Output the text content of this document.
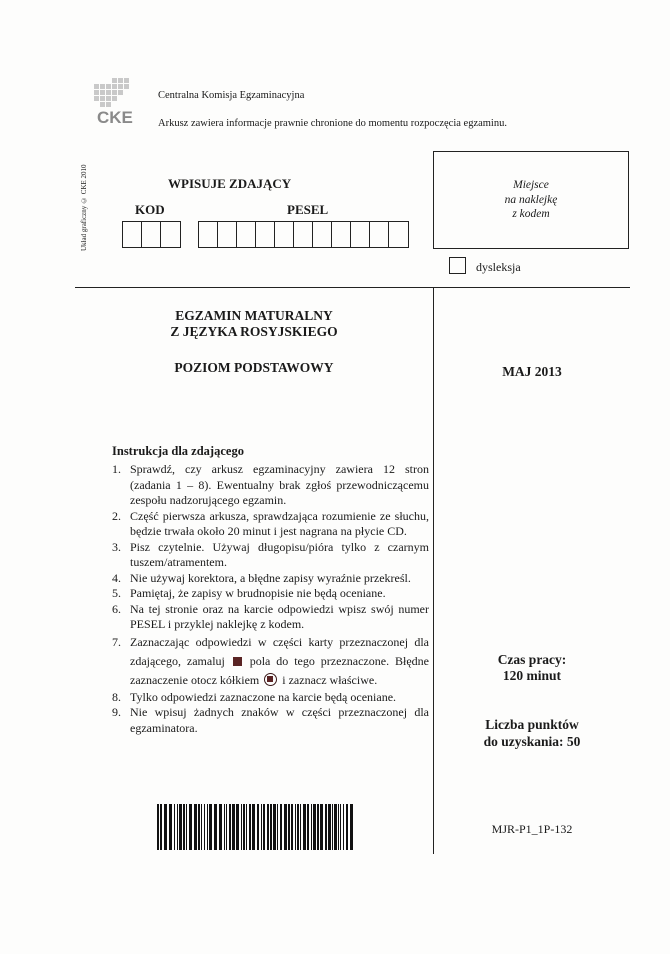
CKE
Centralna Komisja Egzaminacyjna
Arkusz zawiera informacje prawnie chronione do momentu rozpoczęcia egzaminu.
Układ graficzny © CKE 2010	WPISUJE ZDAJĄCY
KOD	PESEL
Miejsce
na naklejkę
z kodem
dysleksja
EGZAMIN MATURALNY
Z JĘZYKA ROSYJSKIEGO
POZIOM PODSTAWOWY	MAJ 2013
Instrukcja dla zdającego
1. Sprawdź, czy arkusz egzaminacyjny zawiera 12 stron (zadania 1 – 8). Ewentualny brak zgłoś przewodniczącemu zespołu nadzorującego egzamin.
2. Część pierwsza arkusza, sprawdzająca rozumienie ze słuchu, będzie trwała około 20 minut i jest nagrana na płycie CD.
3. Pisz czytelnie. Używaj długopisu/pióra tylko z czarnym tuszem/atramentem.
4. Nie używaj korektora, a błędne zapisy wyraźnie przekreśl.
5. Pamiętaj, że zapisy w brudnopisie nie będą oceniane.
6. Na tej stronie oraz na karcie odpowiedzi wpisz swój numer PESEL i przyklej naklejkę z kodem.
7. Zaznaczając odpowiedzi w części karty przeznaczonej dla zdającego, zamaluj pola do tego przeznaczone. Błędne zaznaczenie otocz kółkiem i zaznacz właściwe.
8. Tylko odpowiedzi zaznaczone na karcie będą oceniane.
9. Nie wpisuj żadnych znaków w części przeznaczonej dla egzaminatora.
Czas pracy:
120 minut
Liczba punktów
do uzyskania: 50
MJR-P1_1P-132
